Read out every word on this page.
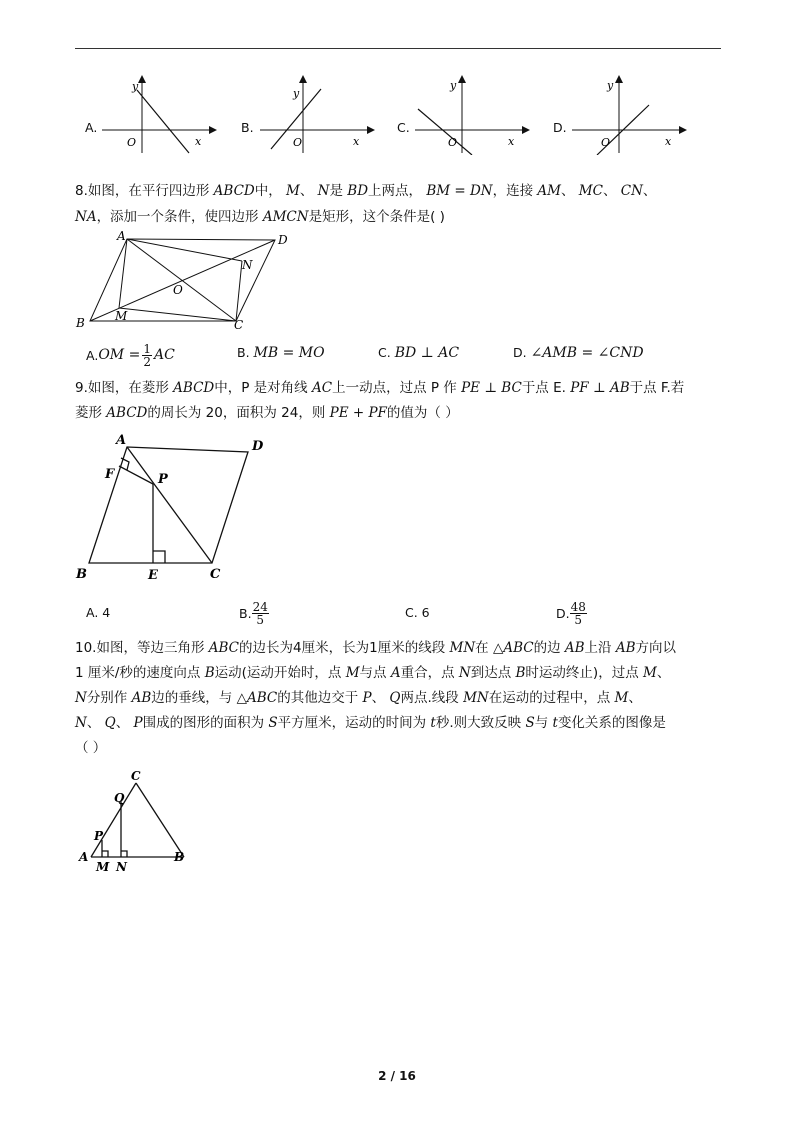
A.
y
x
O
B.
y
x
O
C.
y
x
O
D.
y
x
O
8.如图，在平行四边形 ABCD中， M、 N是 BD上两点， BM = DN，连接 AM、 MC、 CN、
NA，添加一个条件，使四边形 AMCN是矩形，这个条件是( )
A	D
B	C
M
N
O
A. OM = $\frac{1}{2}$ AC	B. MB = MO	C. BD ⊥ AC	D. ∠AMB = ∠CND
9.如图，在菱形 ABCD中，P 是对角线 AC上一动点，过点 P 作 PE ⊥ BC于点 E. PF ⊥ AB于点 F.若
菱形 ABCD的周长为 20，面积为 24，则 PE + PF的值为（ ）
A	D
B	C
E
F	P
A. 4	B. $\frac{24}{5}$	C. 6	D. $\frac{48}{5}$
10.如图，等边三角形 ABC的边长为4厘米，长为1厘米的线段 MN在 △ABC的边 AB上沿 AB方向以
1 厘米/秒的速度向点 B运动(运动开始时，点 M与点 A重合，点 N到达点 B时运动终止)，过点 M、
N分别作 AB边的垂线，与 △ABC的其他边交于 P、 Q两点.线段 MN在运动的过程中，点 M、
N、 Q、 P围成的图形的面积为 S平方厘米，运动的时间为 t秒.则大致反映 S与 t变化关系的图像是
（ ）
C
Q
P
A	B
M N
2 / 16
